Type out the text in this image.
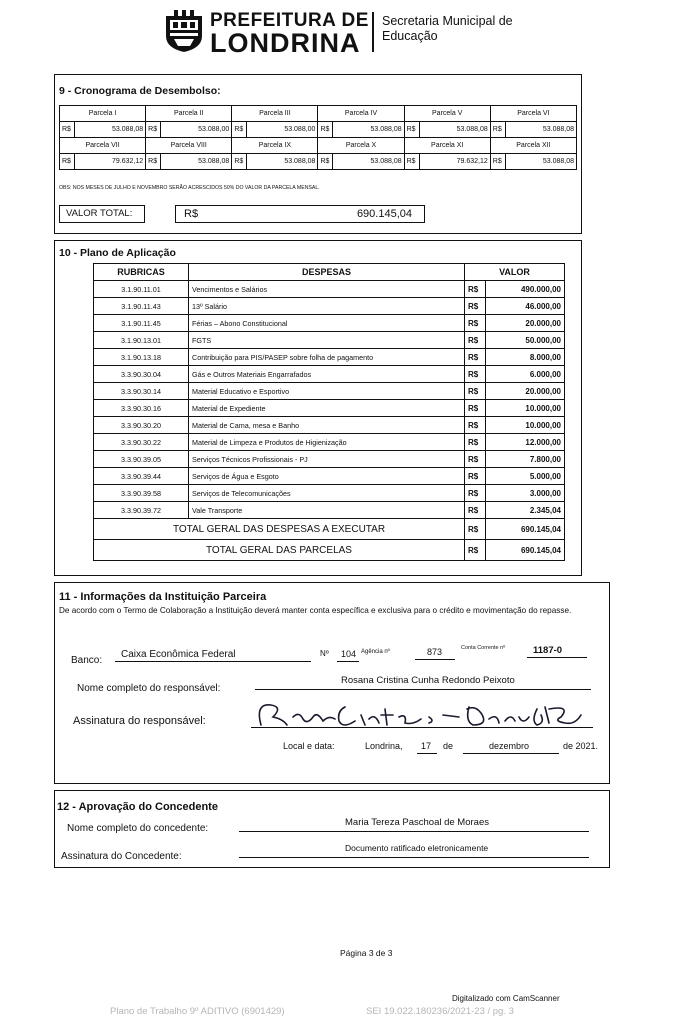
PREFEITURA DE
LONDRINA
Secretaria Municipal de Educação
9 - Cronograma de Desembolso:
Parcela I		Parcela II		Parcela III		Parcela IV		Parcela V		Parcela VI	
R$	53.088,08	R$	53.088,00	R$	53.088,00	R$	53.088,08	R$	53.088,08	R$	53.088,08
Parcela VII		Parcela VIII		Parcela IX		Parcela X		Parcela XI		Parcela XII	
R$	79.632,12	R$	53.088,08	R$	53.088,08	R$	53.088,08	R$	79.632,12	R$	53.088,08
OBS: NOS MESES DE JULHO E NOVEMBRO SERÃO ACRESCIDOS 50% DO VALOR DA PARCELA MENSAL.
VALOR TOTAL:	R$	690.145,04
10 - Plano de Aplicação
RUBRICAS	DESPESAS	VALOR	
3.1.90.11.01	Vencimentos e Salários	R$	490.000,00
3.1.90.11.43	13º Salário	R$	46.000,00
3.1.90.11.45	Férias – Abono Constitucional	R$	20.000,00
3.1.90.13.01	FGTS	R$	50.000,00
3.1.90.13.18	Contribuição para PIS/PASEP sobre folha de pagamento	R$	8.000,00
3.3.90.30.04	Gás e Outros Materiais Engarrafados	R$	6.000,00
3.3.90.30.14	Material Educativo e Esportivo	R$	20.000,00
3.3.90.30.16	Material de Expediente	R$	10.000,00
3.3.90.30.20	Material de Cama, mesa e Banho	R$	10.000,00
3.3.90.30.22	Material de Limpeza e Produtos de Higienização	R$	12.000,00
3.3.90.39.05	Serviços Técnicos Profissionais - PJ	R$	7.800,00
3.3.90.39.44	Serviços de Água e Esgoto	R$	5.000,00
3.3.90.39.58	Serviços de Telecomunicações	R$	3.000,00
3.3.90.39.72	Vale Transporte	R$	2.345,04
TOTAL GERAL DAS DESPESAS A EXECUTAR		R$	690.145,04
TOTAL GERAL DAS PARCELAS		R$	690.145,04
11 - Informações da Instituição Parceira
De acordo com o Termo de Colaboração a Instituição deverá manter conta específica e exclusiva para o crédito e movimentação do repasse.
Banco:
Caixa Econômica Federal	Nº 104 Agência nº	873	Conta Corrente nº	1187-0
Nome completo do responsável:
Rosana Cristina Cunha Redondo Peixoto
Assinatura do responsável:
Local e data:	Londrina, 17 de	dezembro	de 2021.
12 - Aprovação do Concedente
Nome completo do concedente:
Maria Tereza Paschoal de Moraes
Assinatura do Concedente:
Documento ratificado eletronicamente
Página 3 de 3
Digitalizado com CamScanner
Plano de Trabalho 9º ADITIVO (6901429)	SEI 19.022.180236/2021-23 / pg. 3
